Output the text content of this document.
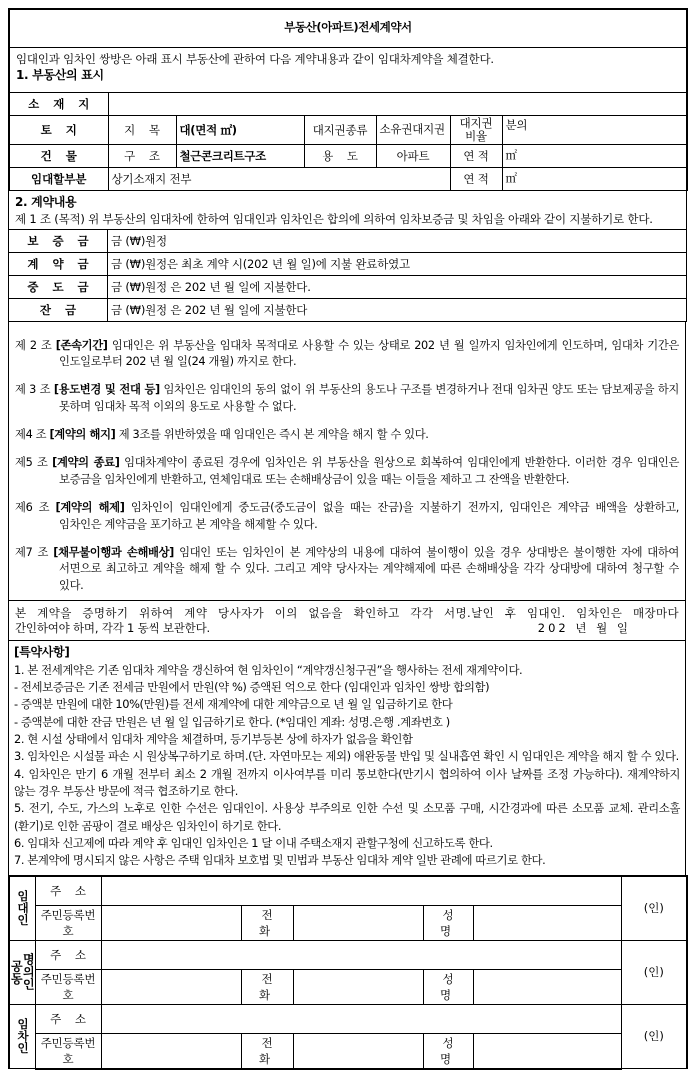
부동산(아파트)전세계약서						

임대인과 임차인 쌍방은 아래 표시 부동산에 관하여 다음 계약내용과 같이 임대차계약을 체결한다.
1. 부동산의 표시						

소 재 지						
토 지	지 목	대(면적 ㎡)	대지권종류	소유권대지권	대지권 비율	분의
건 물	구 조	철근콘크리트구조	용 도	아파트	연 적	㎡
임대할부분	상기소재지 전부				연 적	㎡
2. 계약내용
제 1 조 (목적) 위 부동산의 임대차에 한하여 임대인과 임차인은 합의에 의하여 임차보증금 및 차임을 아래와 같이 지불하기로 한다.	

보 증 금	금 (₩)원정
계 약 금	금 (₩)원정은 최초 계약 시(202 년 월 일)에 지불 완료하였고
중 도 금	금 (₩)원정 은 202 년 월 일에 지불한다.
잔 금	금 (₩)원정 은 202 년 월 일에 지불한다

제 2 조 [존속기간] 임대인은 위 부동산을 임대차 목적대로 사용할 수 있는 상태로 202 년 월 일까지 임차인에게 인도하며, 임대차 기간은 인도일로부터 202 년 월 일(24 개월) 까지로 한다.

제 3 조 [용도변경 및 전대 등] 임차인은 임대인의 동의 없이 위 부동산의 용도나 구조를 변경하거나 전대 임차권 양도 또는 담보제공을 하지 못하며 임대차 목적 이외의 용도로 사용할 수 없다.

제4 조 [계약의 해지] 제 3조를 위반하였을 때 임대인은 즉시 본 계약을 해지 할 수 있다.

제5 조 [계약의 종료] 임대차계약이 종료된 경우에 임차인은 위 부동산을 원상으로 회복하여 임대인에게 반환한다. 이러한 경우 임대인은 보증금을 임차인에게 반환하고, 연체임대료 또는 손해배상금이 있을 때는 이들을 제하고 그 잔액을 반환한다.

제6 조 [계약의 해제] 임차인이 임대인에게 중도금(중도금이 없을 때는 잔금)을 지불하기 전까지, 임대인은 계약금 배액을 상환하고, 임차인은 계약금을 포기하고 본 계약을 해제할 수 있다.

제7 조 [채무불이행과 손해배상] 임대인 또는 임차인이 본 계약상의 내용에 대하여 불이행이 있을 경우 상대방은 불이행한 자에 대하여 서면으로 최고하고 계약을 해제 할 수 있다. 그리고 계약 당사자는 계약해제에 따른 손해배상을 각각 상대방에 대하여 청구할 수 있다.

본 계약을 증명하기 위하여 계약 당사자가 이의 없음을 확인하고 각각 서명.날인 후 임대인. 임차인은 매장마다
간인하여야 하며, 각각 1 동씩 보관한다.	202 년 월 일
[특약사항]

1. 본 전세계약은 기존 임대차 계약을 갱신하여 현 임차인이 “계약갱신청구권”을 행사하는 전세 재계약이다.

- 전세보증금은 기존 전세금 만원에서 만원(약 %) 증액된 억으로 한다 (임대인과 임차인 쌍방 합의함)

- 증액분 만원에 대한 10%(만원)를 전세 재계약에 대한 계약금으로 년 월 일 입금하기로 한다

- 증액분에 대한 잔금 만원은 년 월 일 입금하기로 한다. (*임대인 계좌: 성명.은행 .계좌번호 )

2. 현 시설 상태에서 임대차 계약을 체결하며, 등기부등본 상에 하자가 없음을 확인함

3. 임차인은 시설물 파손 시 원상복구하기로 하며.(단. 자연마모는 제외) 애완동물 반입 및 실내흡연 확인 시 임대인은 계약을 해지 할 수 있다.

4. 임차인은 만기 6 개월 전부터 최소 2 개월 전까지 이사여부를 미리 통보한다(만기시 협의하여 이사 날짜를 조정 가능하다). 재계약하지 않는 경우 부동산 방문에 적극 협조하기로 한다.

5. 전기, 수도, 가스의 노후로 인한 수선은 임대인이. 사용상 부주의로 인한 수선 및 소모품 구매, 시간경과에 따른 소모품 교체. 관리소홀(환기)로 인한 곰팡이 결로 배상은 임차인이 하기로 한다.

6. 임대차 신고제에 따라 계약 후 임대인 임차인은 1 달 이내 주택소재지 관할구청에 신고하도록 한다.

7. 본계약에 명시되지 않은 사항은 주택 임대차 보호법 및 민법과 부동산 임대차 계약 일반 관례에 따르기로 한다.

임대인	주 소						(인)
	주민등록번호		전 화		성 명		

공동
명의인	주 소						(인)
	주민등록번호		전 화		성 명		

임차인	주 소						(인)
	주민등록번호		전 화		성 명		
